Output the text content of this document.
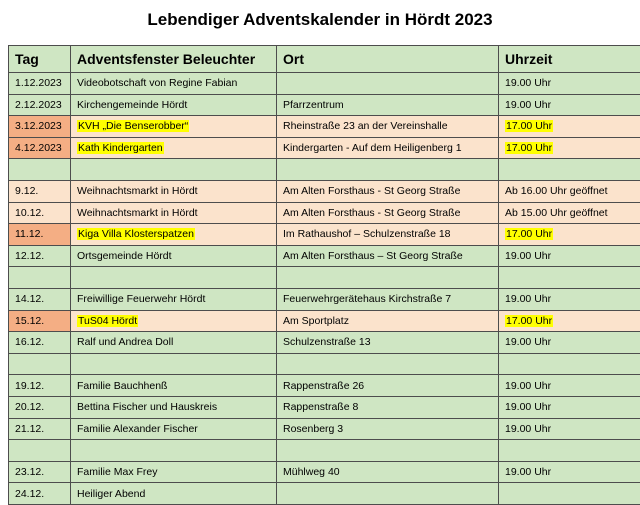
Lebendiger Adventskalender in Hördt 2023
Tag	Adventsfenster Beleuchter	Ort	Uhrzeit
1.12.2023	Videobotschaft von Regine Fabian		19.00 Uhr
2.12.2023	Kirchengemeinde Hördt	Pfarrzentrum	19.00 Uhr
3.12.2023	KVH „Die Benserobber“	Rheinstraße 23 an der Vereinshalle	17.00 Uhr
4.12.2023	Kath Kindergarten	Kindergarten - Auf dem Heiligenberg 1	17.00 Uhr

9.12.	Weihnachtsmarkt in Hördt	Am Alten Forsthaus - St Georg Straße	Ab 16.00 Uhr geöffnet
10.12.	Weihnachtsmarkt in Hördt	Am Alten Forsthaus - St Georg Straße	Ab 15.00 Uhr geöffnet
11.12.	Kiga Villa Klosterspatzen	Im Rathaushof – Schulzenstraße 18	17.00 Uhr
12.12.	Ortsgemeinde Hördt	Am Alten Forsthaus – St Georg Straße	19.00 Uhr

14.12.	Freiwillige Feuerwehr Hördt	Feuerwehrgerätehaus Kirchstraße 7	19.00 Uhr
15.12.	TuS04 Hördt	Am Sportplatz	17.00 Uhr
16.12.	Ralf und Andrea Doll	Schulzenstraße 13	19.00 Uhr

19.12.	Familie Bauchhenß	Rappenstraße 26	19.00 Uhr
20.12.	Bettina Fischer und Hauskreis	Rappenstraße 8	19.00 Uhr
21.12.	Familie Alexander Fischer	Rosenberg 3	19.00 Uhr

23.12.	Familie Max Frey	Mühlweg 40	19.00 Uhr
24.12.	Heiliger Abend		
